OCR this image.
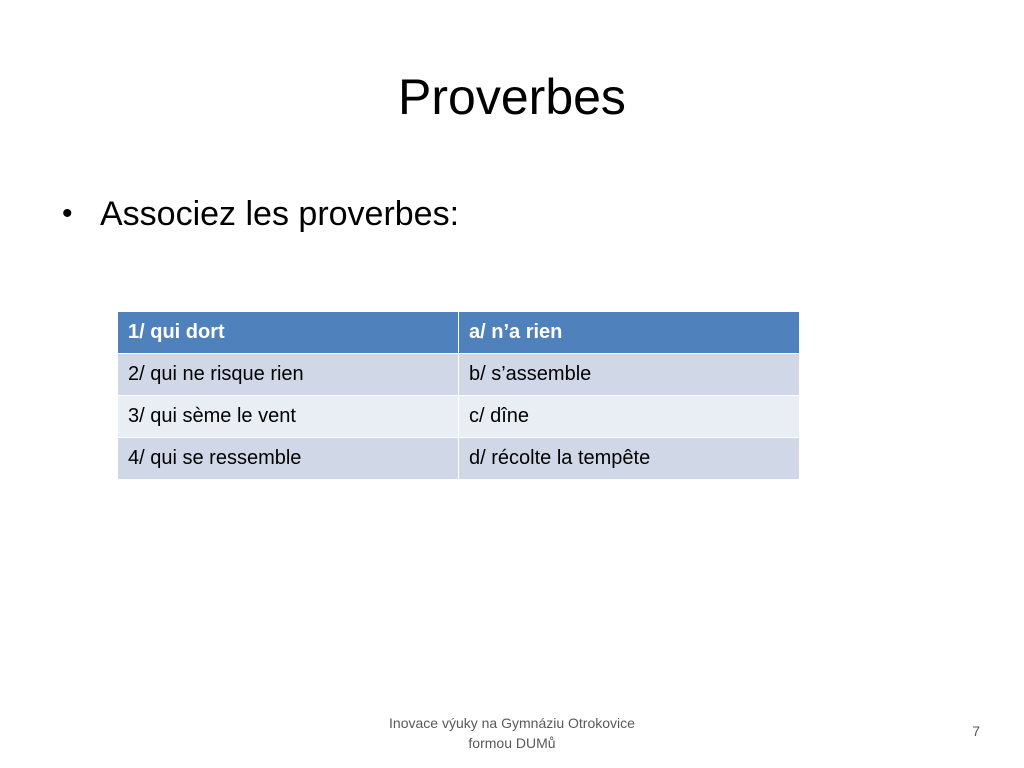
Proverbes
• Associez les proverbes:
1/ qui dort	a/ n’a rien
2/ qui ne risque rien	b/ s’assemble
3/ qui sème le vent	c/ dîne
4/ qui se ressemble	d/ récolte la tempête
Inovace výuky na Gymnáziu Otrokovice
formou DUMů
7
